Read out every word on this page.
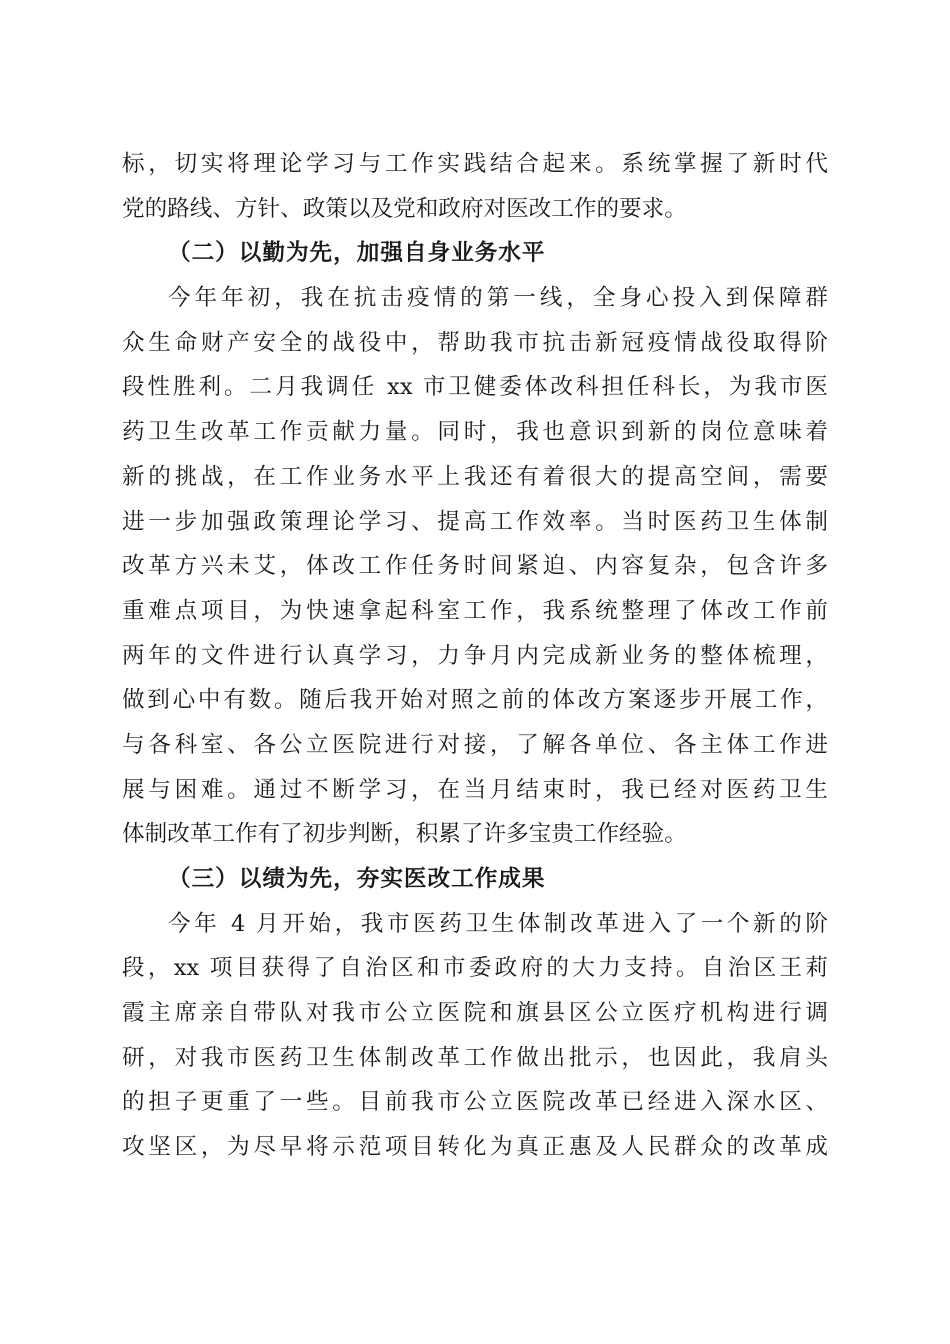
标，切实将理论学习与工作实践结合起来。系统掌握了新时代
党的路线、方针、政策以及党和政府对医改工作的要求。
（二）以勤为先，加强自身业务水平
今年年初，我在抗击疫情的第一线，全身心投入到保障群
众生命财产安全的战役中，帮助我市抗击新冠疫情战役取得阶
段性胜利。二月我调任 xx 市卫健委体改科担任科长，为我市医
药卫生改革工作贡献力量。同时，我也意识到新的岗位意味着
新的挑战，在工作业务水平上我还有着很大的提高空间，需要
进一步加强政策理论学习、提高工作效率。当时医药卫生体制
改革方兴未艾，体改工作任务时间紧迫、内容复杂，包含许多
重难点项目，为快速拿起科室工作，我系统整理了体改工作前
两年的文件进行认真学习，力争月内完成新业务的整体梳理，
做到心中有数。随后我开始对照之前的体改方案逐步开展工作，
与各科室、各公立医院进行对接，了解各单位、各主体工作进
展与困难。通过不断学习，在当月结束时，我已经对医药卫生
体制改革工作有了初步判断，积累了许多宝贵工作经验。
（三）以绩为先，夯实医改工作成果
今年 4 月开始，我市医药卫生体制改革进入了一个新的阶
段，xx 项目获得了自治区和市委政府的大力支持。自治区王莉
霞主席亲自带队对我市公立医院和旗县区公立医疗机构进行调
研，对我市医药卫生体制改革工作做出批示，也因此，我肩头
的担子更重了一些。目前我市公立医院改革已经进入深水区、
攻坚区，为尽早将示范项目转化为真正惠及人民群众的改革成
